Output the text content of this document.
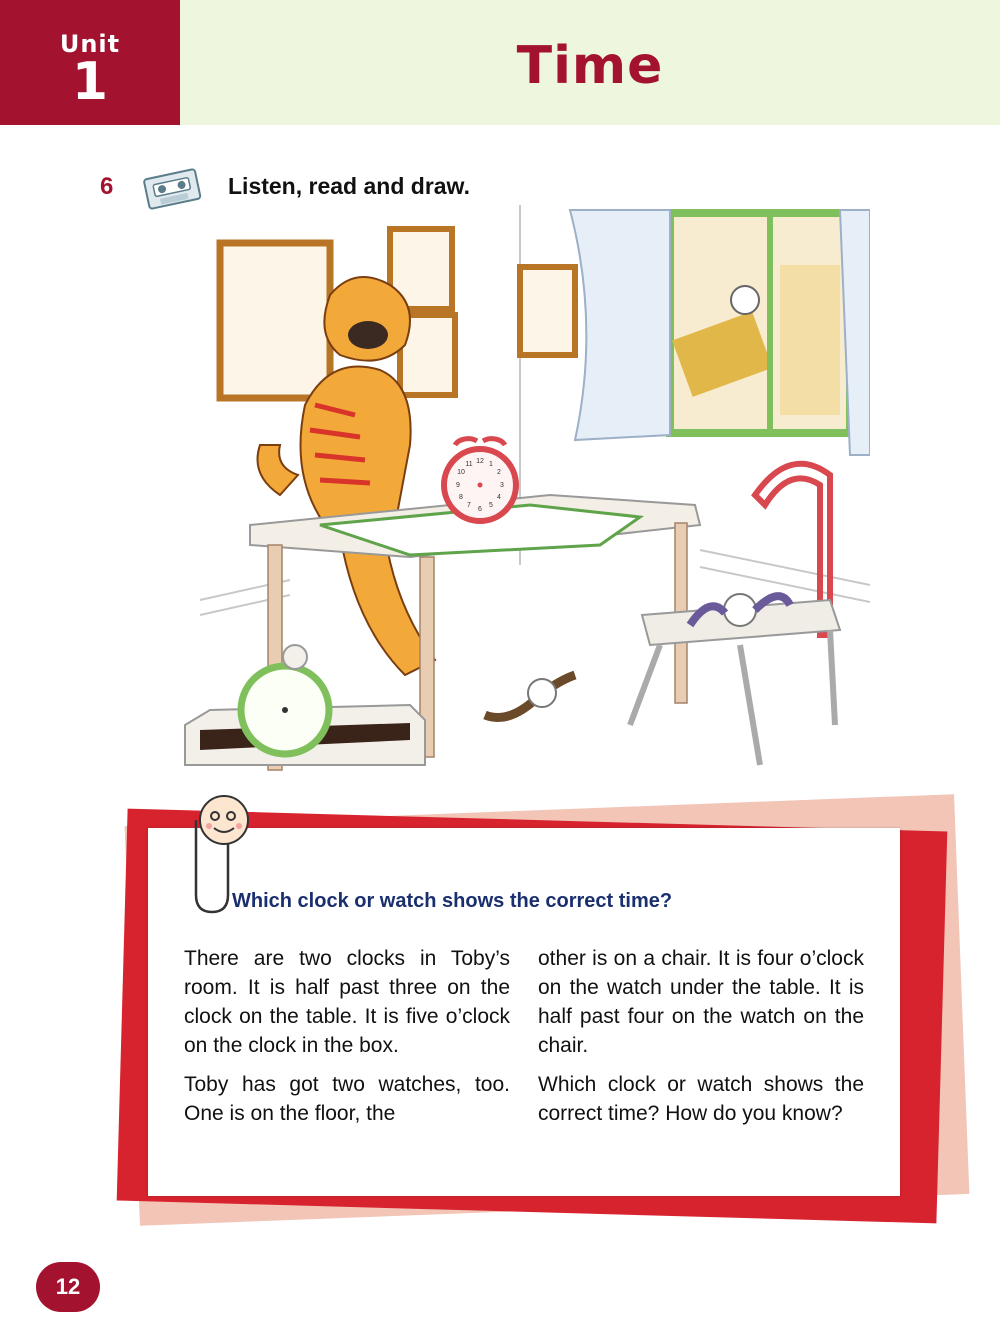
Unit
1	Time
6	Listen, read and draw.
12 1
2
3
4
5
6
7
8
9
10
11
Which clock or watch shows the correct time?

There are two clocks in Toby’s room. It is half past three on the clock on the table. It is five o’clock on the clock in the box.

Toby has got two watches, too. One is on the floor, the

other is on a chair. It is four o’clock on the watch under the table. It is half past four on the watch on the chair.

Which clock or watch shows the correct time? How do you know?

12
